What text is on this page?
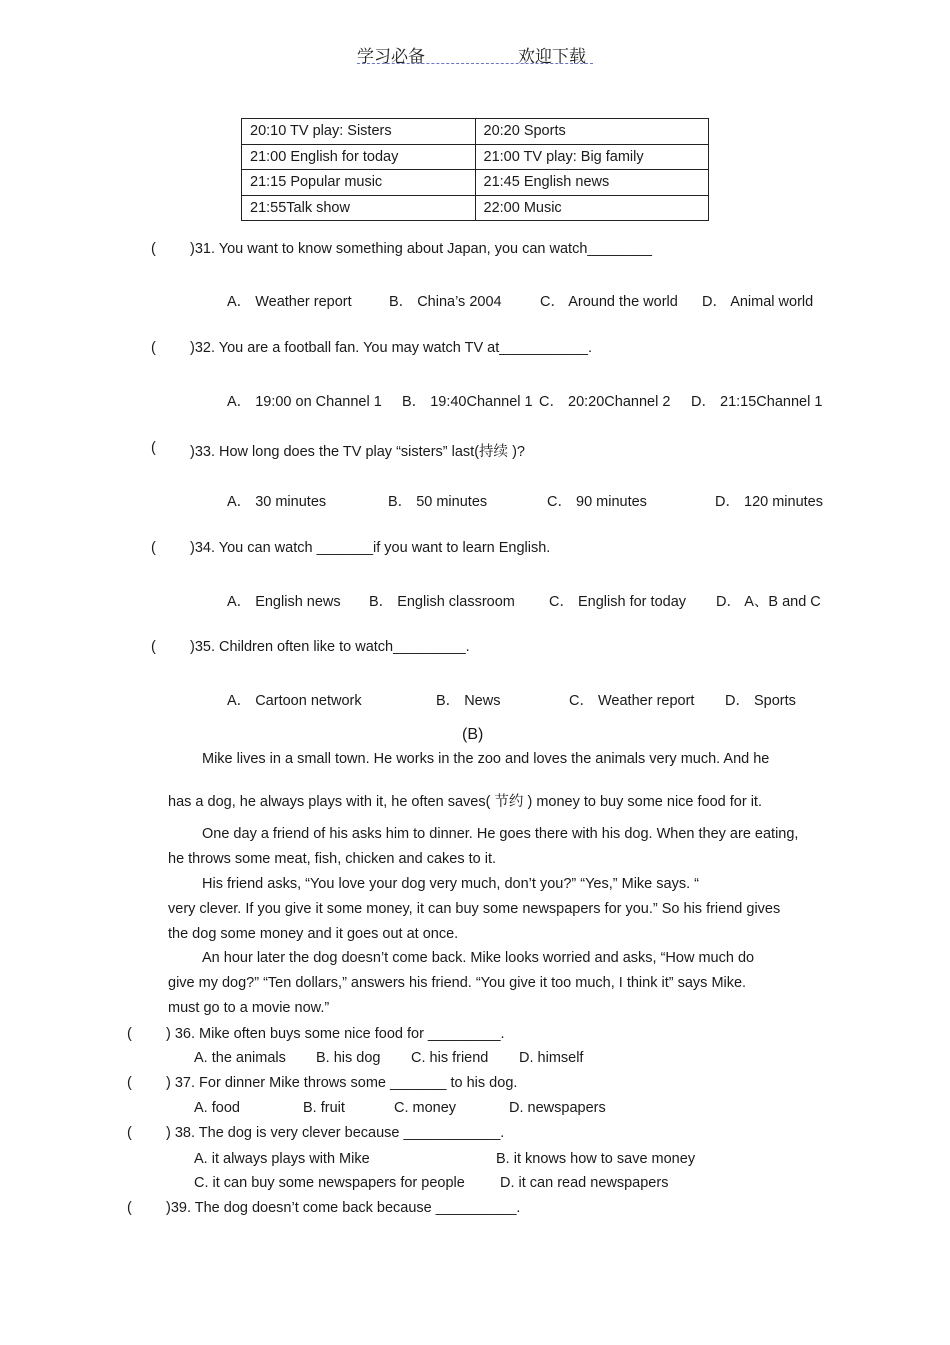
学习必备	欢迎下载
20:10 TV play: Sisters	20:20 Sports
21:00 English for today	21:00 TV play: Big family
21:15 Popular music	21:45 English news
21:55Talk show	22:00 Music
( )31. You want to know something about Japan, you can watch________
A． Weather report	B． China’s 2004	C． Around the world D． Animal world
( )32. You are a football fan. You may watch TV at___________.
A． 19:00 on Channel 1 B． 19:40Channel 1 C． 20:20Channel 2 D． 21:15Channel 1
( )33. How long does the TV play “sisters” last(持续 )?
A． 30 minutes	B． 50 minutes	C． 90 minutes	D． 120 minutes
( )34. You can watch _______if you want to learn English.
A． English news B． English classroom C． English for today D． A、B and C
( )35. Children often like to watch_________.
A． Cartoon network	B． News	C． Weather report D． Sports
(B)
Mike lives in a small town. He works in the zoo and loves the animals very much. And he
has a dog, he always plays with it, he often saves( 节约 ) money to buy some nice food for it.
One day a friend of his asks him to dinner. He goes there with his dog. When they are eating,
he throws some meat, fish, chicken and cakes to it.
His friend asks, “You love your dog very much, don’t you?” “Yes,” Mike says. “
very clever. If you give it some money, it can buy some newspapers for you.” So his friend gives
the dog some money and it goes out at once.
An hour later the dog doesn’t come back. Mike looks worried and asks, “How much do
give my dog?” “Ten dollars,” answers his friend. “You give it too much, I think it” says Mike.
must go to a movie now.”
( ) 36. Mike often buys some nice food for _________.
A. the animals B. his dog C. his friend D. himself
( ) 37. For dinner Mike throws some _______ to his dog.
A. food	B. fruit	C. money	D. newspapers
( ) 38. The dog is very clever because ____________.
A. it always plays with Mike	B. it knows how to save money
C. it can buy some newspapers for people D. it can read newspapers
( )39. The dog doesn’t come back because __________.
